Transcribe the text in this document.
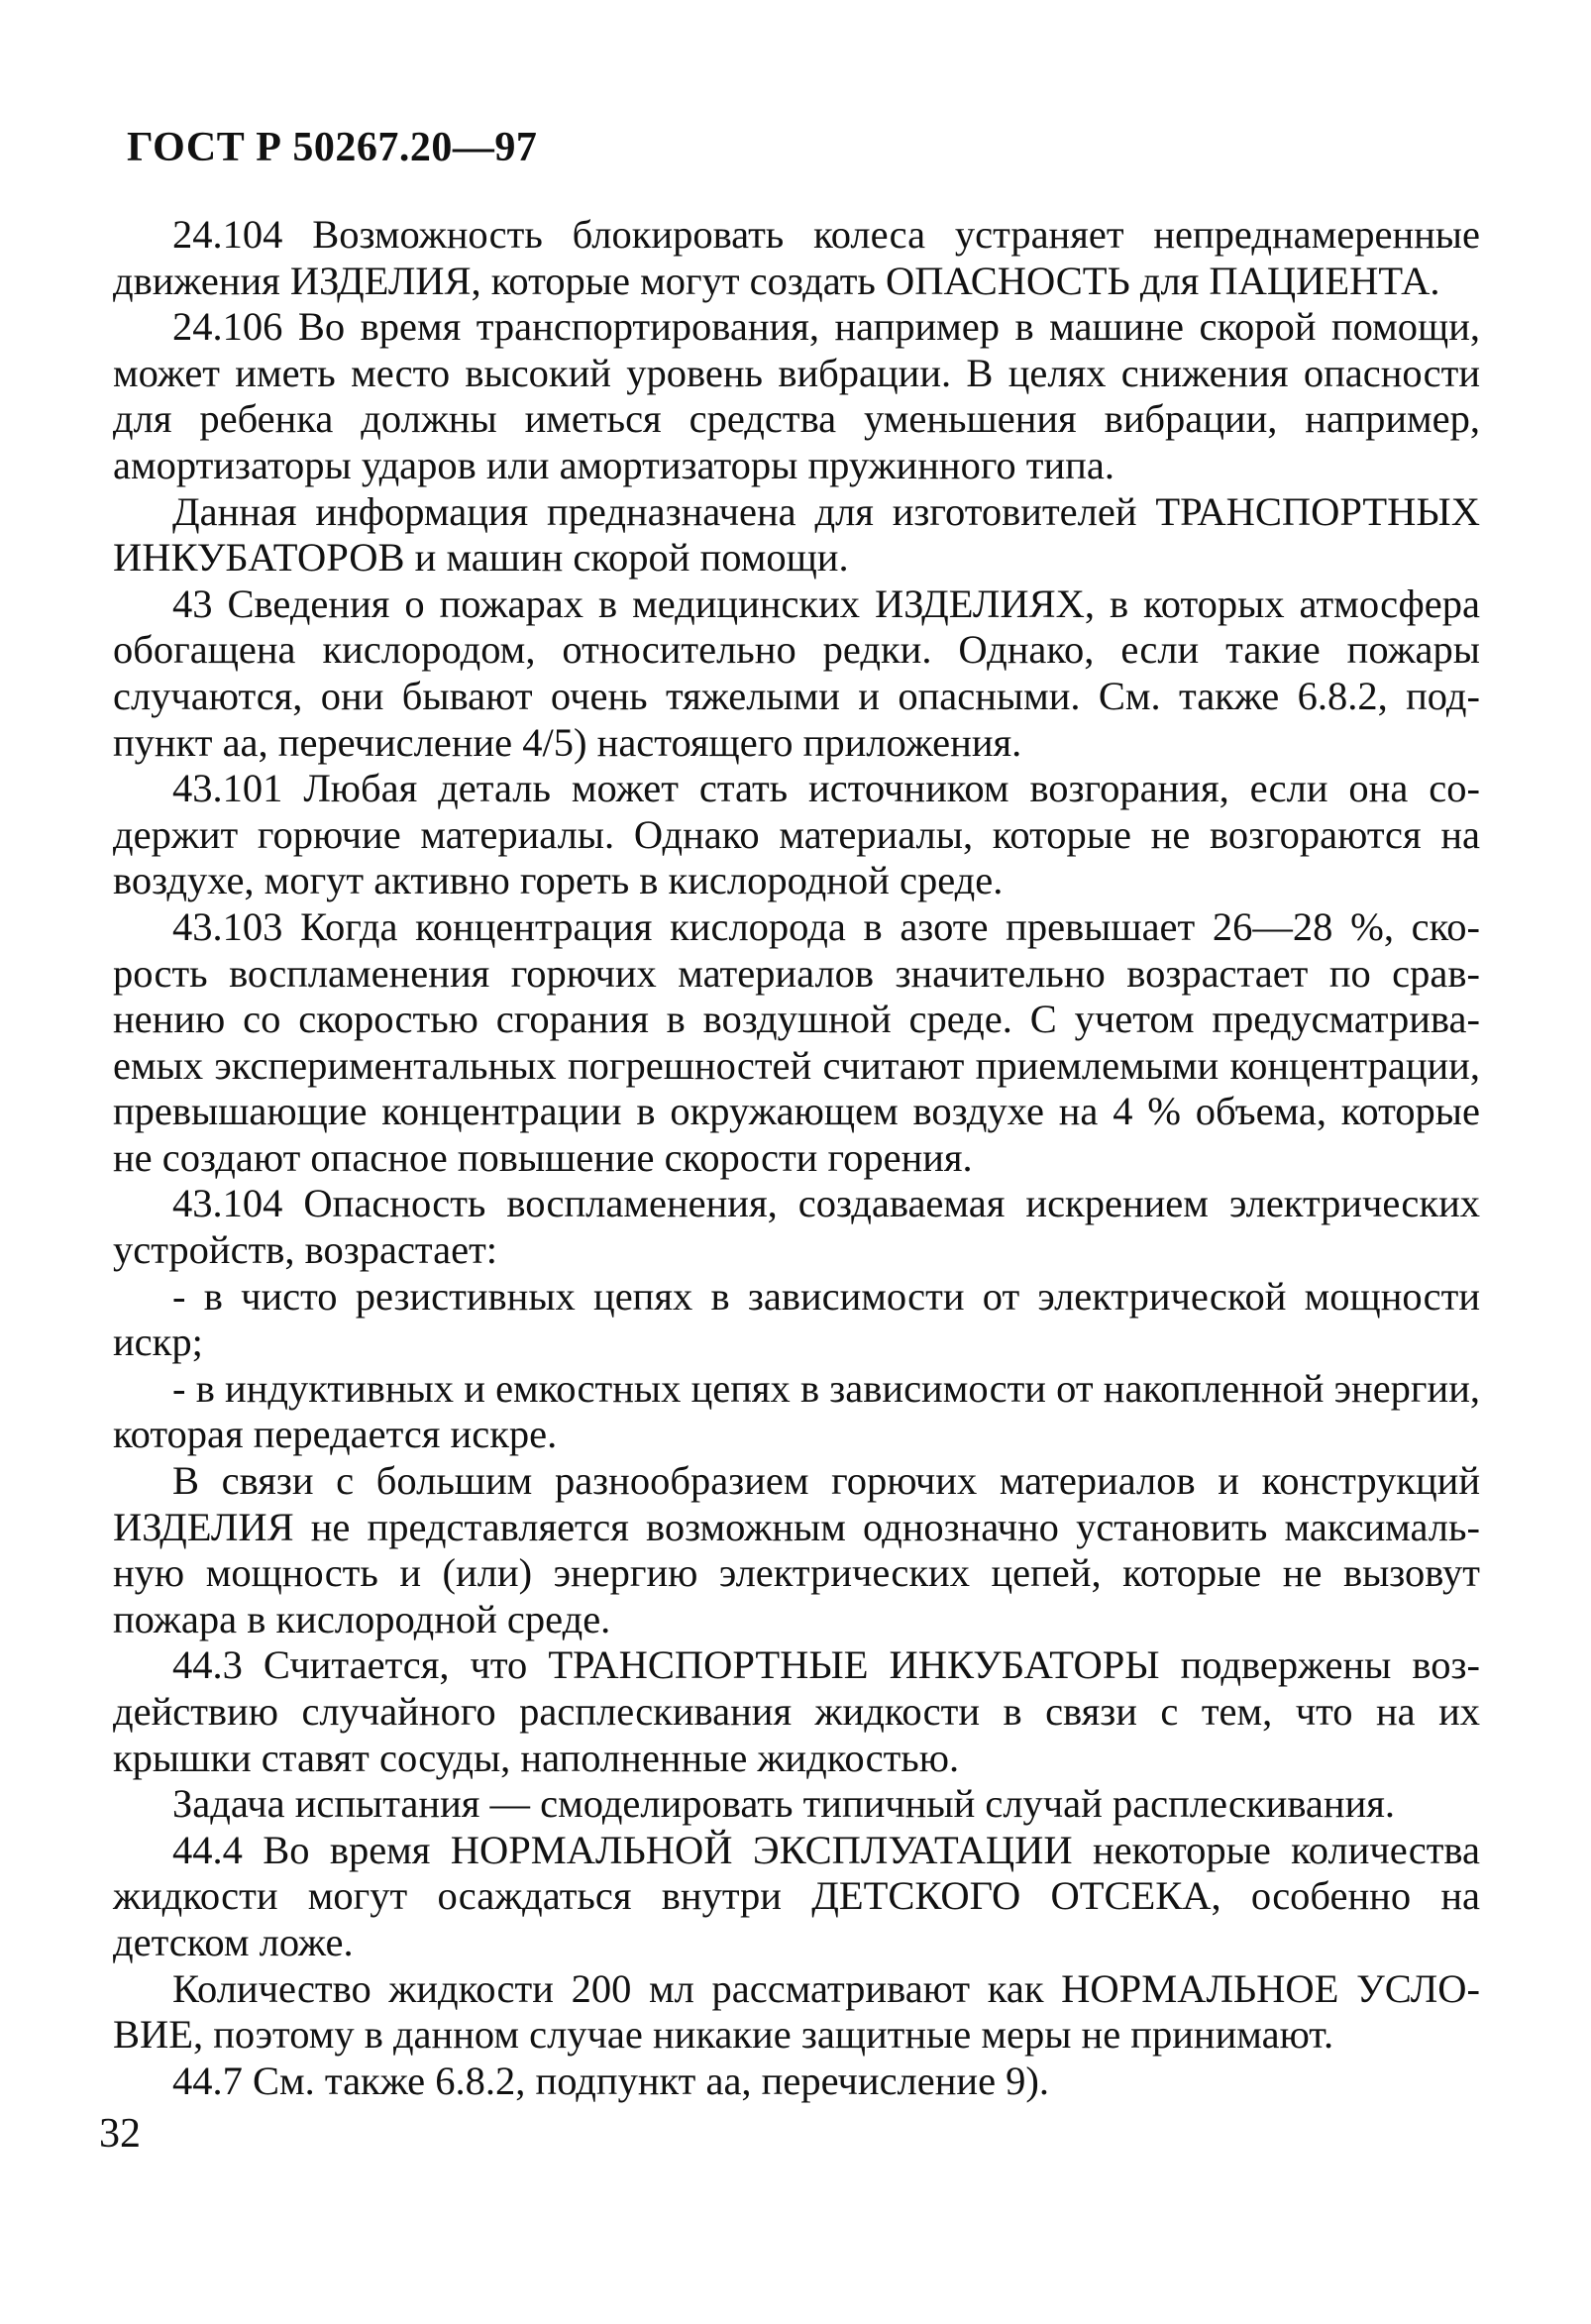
ГОСТ Р 50267.20—97

24.104 Возможность блокировать колеса устраняет непреднамеренные движения ИЗДЕЛИЯ, которые могут создать ОПАСНОСТЬ для ПАЦИЕНТА.

24.106 Во время транспортирования, например в машине скорой помощи, может иметь место высокий уровень вибрации. В целях снижения опасности для ребенка должны иметься средства уменьшения вибрации, например, амортизаторы ударов или амортизаторы пружинного типа.

Данная информация предназначена для изготовителей ТРАНСПОРТНЫХ ИНКУБАТОРОВ и машин скорой помощи.

43 Сведения о пожарах в медицинских ИЗДЕЛИЯХ, в которых атмосфера обогащена кислородом, относительно редки. Однако, если такие пожары случаются, они бывают очень тяжелыми и опасными. См. также 6.8.2, подпункт аа, перечисление 4/5) настоящего приложения.

43.101 Любая деталь может стать источником возгорания, если она содержит горючие материалы. Однако материалы, которые не возгораются на воздухе, могут активно гореть в кислородной среде.

43.103 Когда концентрация кислорода в азоте превышает 26—28 %, скорость воспламенения горючих материалов значительно возрастает по сравнению со скоростью сгорания в воздушной среде. С учетом предусматриваемых экспериментальных погрешностей считают приемлемыми концентрации, превышающие концентрации в окружающем воздухе на 4 % объема, которые не создают опасное повышение скорости горения.

43.104 Опасность воспламенения, создаваемая искрением электрических устройств, возрастает:

- в чисто резистивных цепях в зависимости от электрической мощности искр;

- в индуктивных и емкостных цепях в зависимости от накопленной энергии, которая передается искре.

В связи с большим разнообразием горючих материалов и конструкций ИЗДЕЛИЯ не представляется возможным однозначно установить максимальную мощность и (или) энергию электрических цепей, которые не вызовут пожара в кислородной среде.

44.3 Считается, что ТРАНСПОРТНЫЕ ИНКУБАТОРЫ подвержены воздействию случайного расплескивания жидкости в связи с тем, что на их крышки ставят сосуды, наполненные жидкостью.

Задача испытания — смоделировать типичный случай расплескивания.

44.4 Во время НОРМАЛЬНОЙ ЭКСПЛУАТАЦИИ некоторые количества жидкости могут осаждаться внутри ДЕТСКОГО ОТСЕКА, особенно на детском ложе.

Количество жидкости 200 мл рассматривают как НОРМАЛЬНОЕ УСЛОВИЕ, поэтому в данном случае никакие защитные меры не принимают.

44.7 См. также 6.8.2, подпункт аа, перечисление 9).

32
